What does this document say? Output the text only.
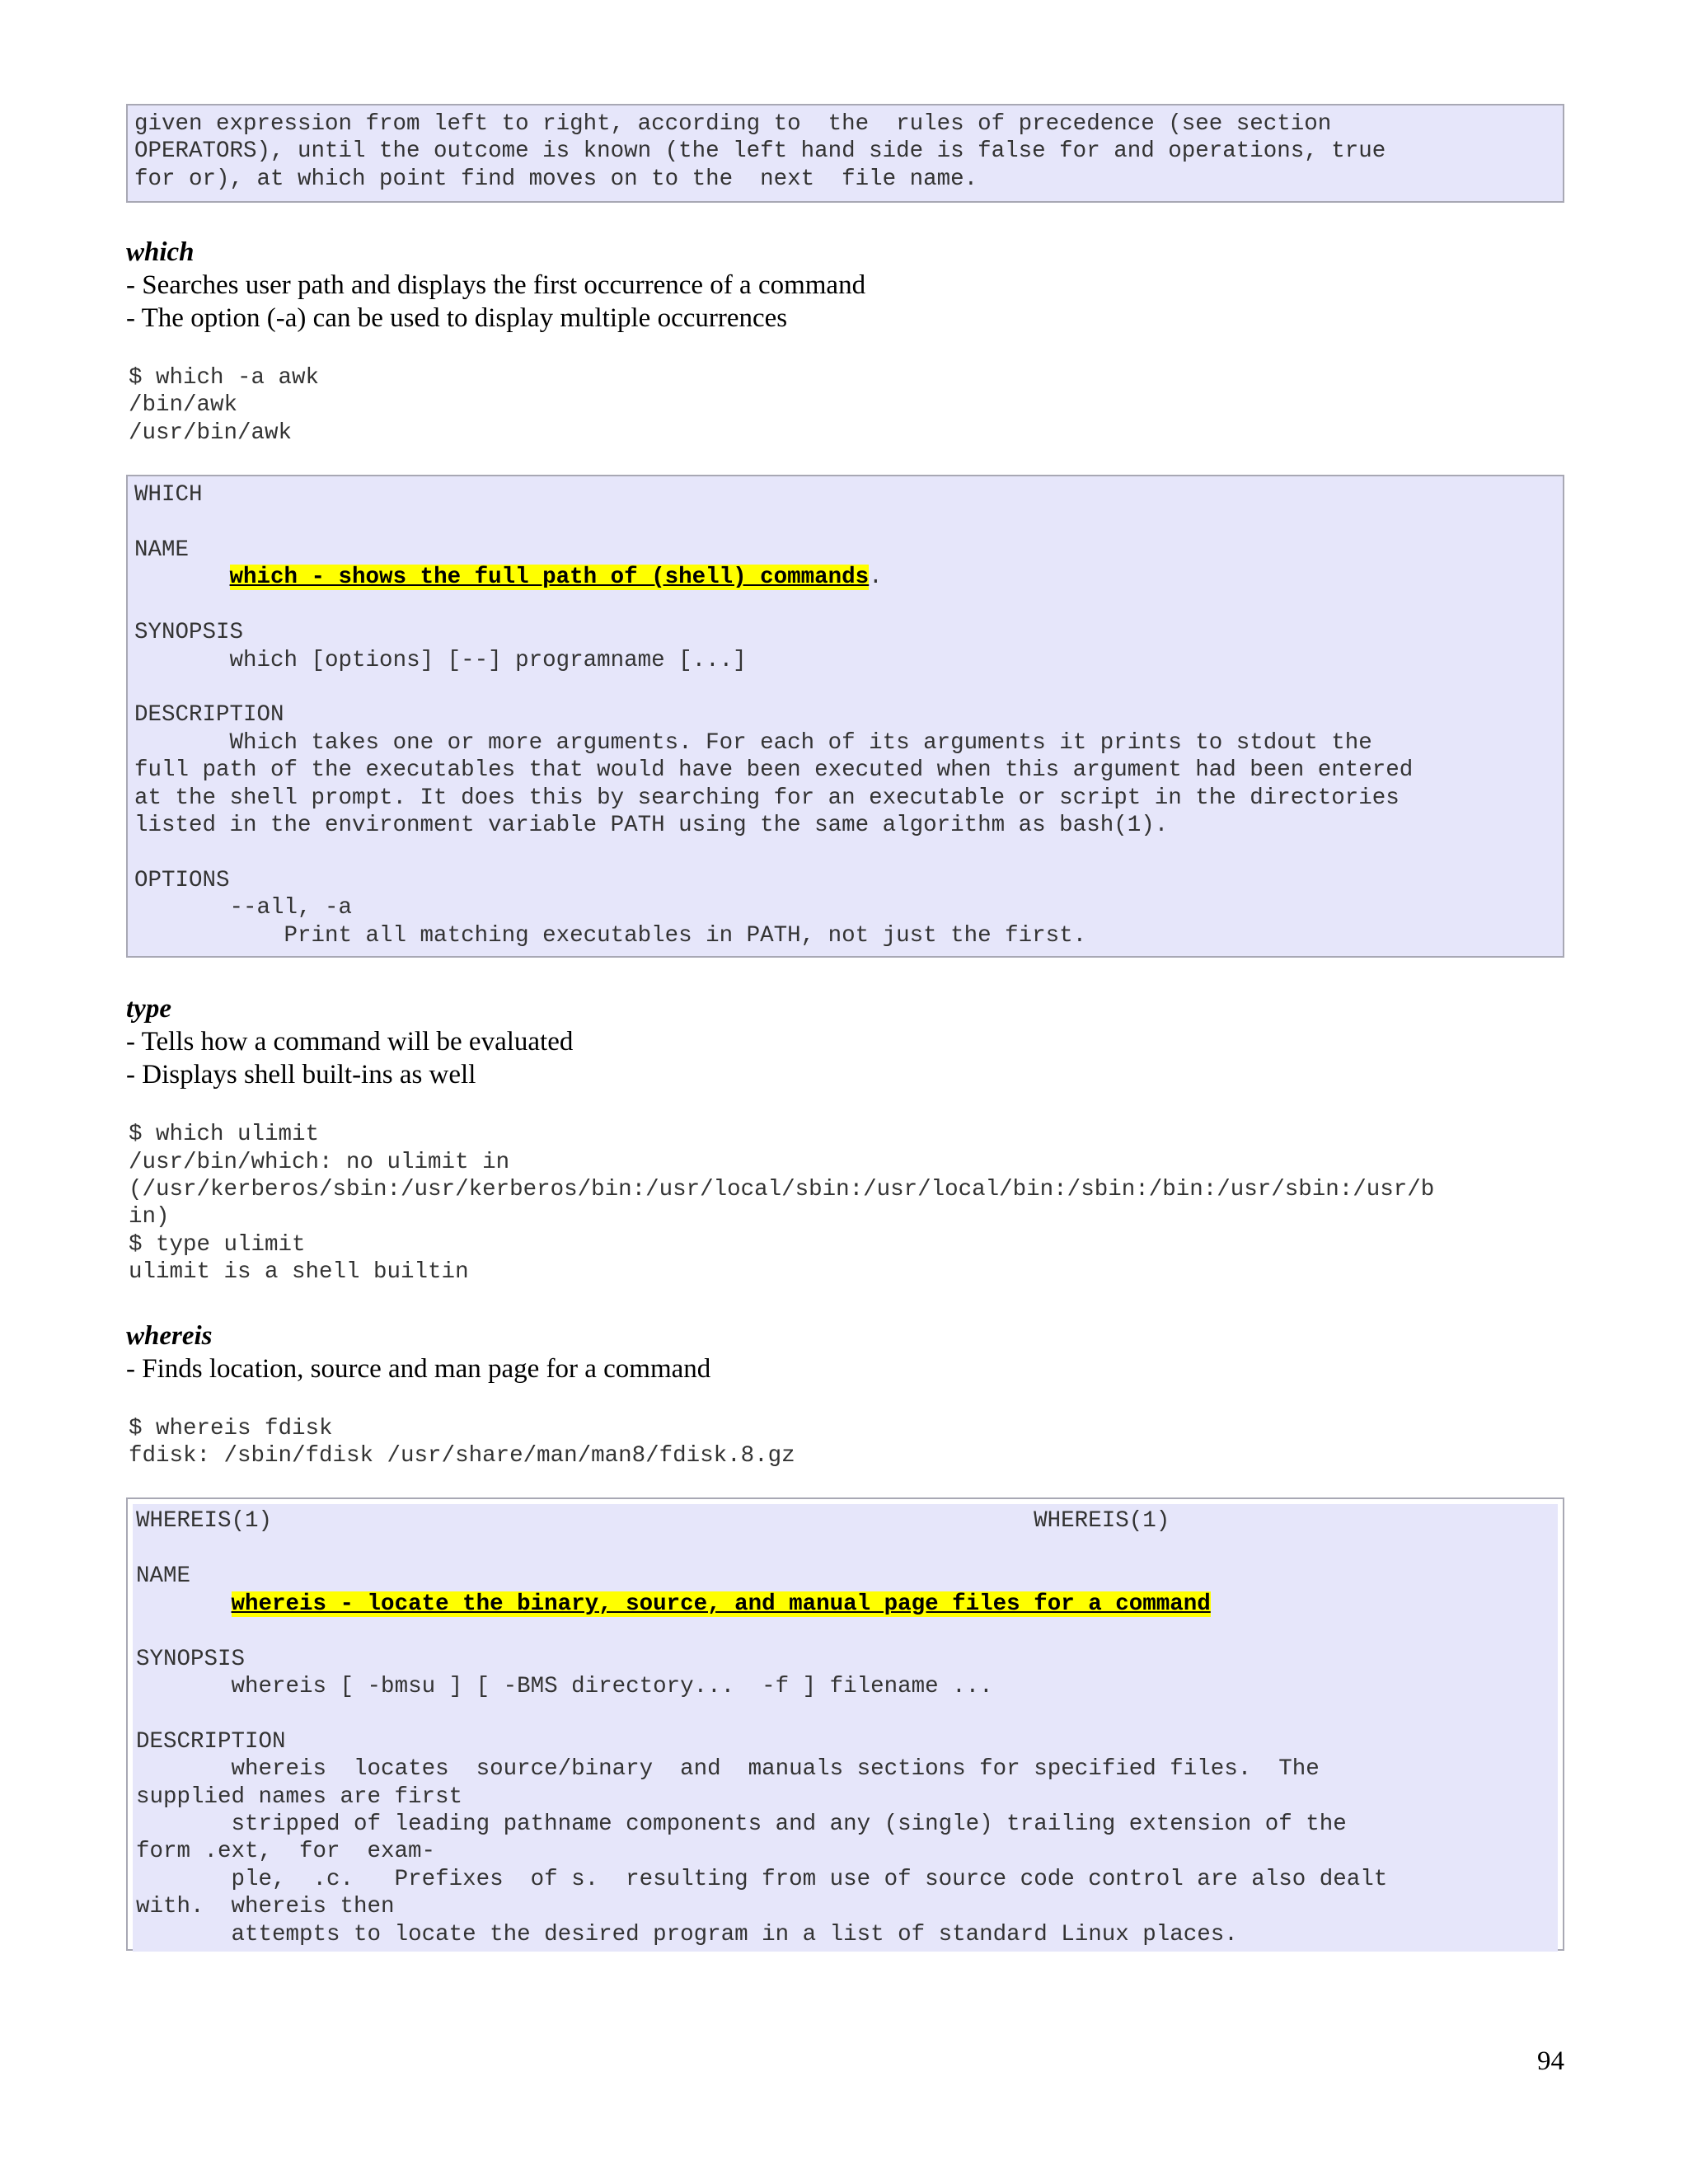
given expression from left to right, according to  the  rules of precedence (see section
OPERATORS), until the outcome is known (the left hand side is false for and operations, true
for or), at which point find moves on to the  next  file name.
which
- Searches user path and displays the first occurrence of a command
- The option (-a) can be used to display multiple occurrences
$ which -a awk
/bin/awk
/usr/bin/awk
WHICH

NAME
which - shows the full path of (shell) commands.

SYNOPSIS
which [options] [--] programname [...]

DESCRIPTION
Which takes one or more arguments. For each of its arguments it prints to stdout the
full path of the executables that would have been executed when this argument had been entered
at the shell prompt. It does this by searching for an executable or script in the directories
listed in the environment variable PATH using the same algorithm as bash(1).

OPTIONS
--all, -a
Print all matching executables in PATH, not just the first.
type
- Tells how a command will be evaluated
- Displays shell built-ins as well
$ which ulimit
/usr/bin/which: no ulimit in
(/usr/kerberos/sbin:/usr/kerberos/bin:/usr/local/sbin:/usr/local/bin:/sbin:/bin:/usr/sbin:/usr/b
in)
$ type ulimit
ulimit is a shell builtin
whereis
- Finds location, source and man page for a command
$ whereis fdisk
fdisk: /sbin/fdisk /usr/share/man/man8/fdisk.8.gz
WHEREIS(1)                                                        WHEREIS(1)

NAME
whereis - locate the binary, source, and manual page files for a command

SYNOPSIS
whereis [ -bmsu ] [ -BMS directory...  -f ] filename ...

DESCRIPTION
whereis  locates  source/binary  and  manuals sections for specified files.  The
supplied names are first
stripped of leading pathname components and any (single) trailing extension of the
form .ext,  for  exam-
ple,  .c.   Prefixes  of s.  resulting from use of source code control are also dealt
with.  whereis then
attempts to locate the desired program in a list of standard Linux places.
94
